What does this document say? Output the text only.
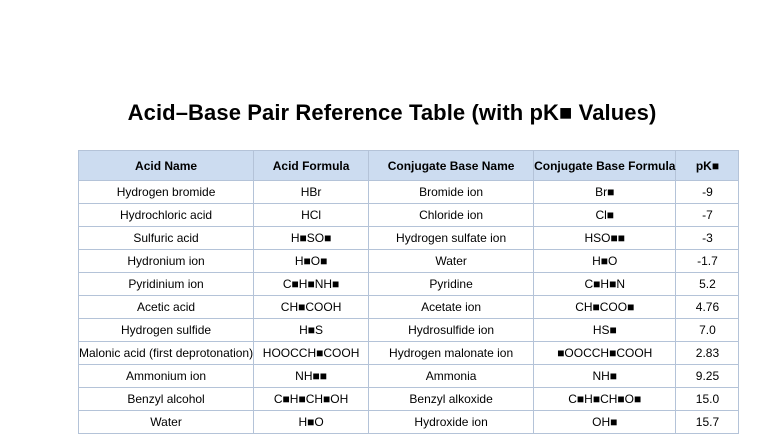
Acid–Base Pair Reference Table (with pK■ Values)
Acid Name	Acid Formula	Conjugate Base Name	Conjugate Base Formula	pK■
Hydrogen bromide	HBr	Bromide ion	Br■	-9
Hydrochloric acid	HCl	Chloride ion	Cl■	-7
Sulfuric acid	H■SO■	Hydrogen sulfate ion	HSO■■	-3
Hydronium ion	H■O■	Water	H■O	-1.7
Pyridinium ion	C■H■NH■	Pyridine	C■H■N	5.2
Acetic acid	CH■COOH	Acetate ion	CH■COO■	4.76
Hydrogen sulfide	H■S	Hydrosulfide ion	HS■	7.0
Malonic acid (first deprotonation)	HOOCCH■COOH	Hydrogen malonate ion	■OOCCH■COOH	2.83
Ammonium ion	NH■■	Ammonia	NH■	9.25
Benzyl alcohol	C■H■CH■OH	Benzyl alkoxide	C■H■CH■O■	15.0
Water	H■O	Hydroxide ion	OH■	15.7
